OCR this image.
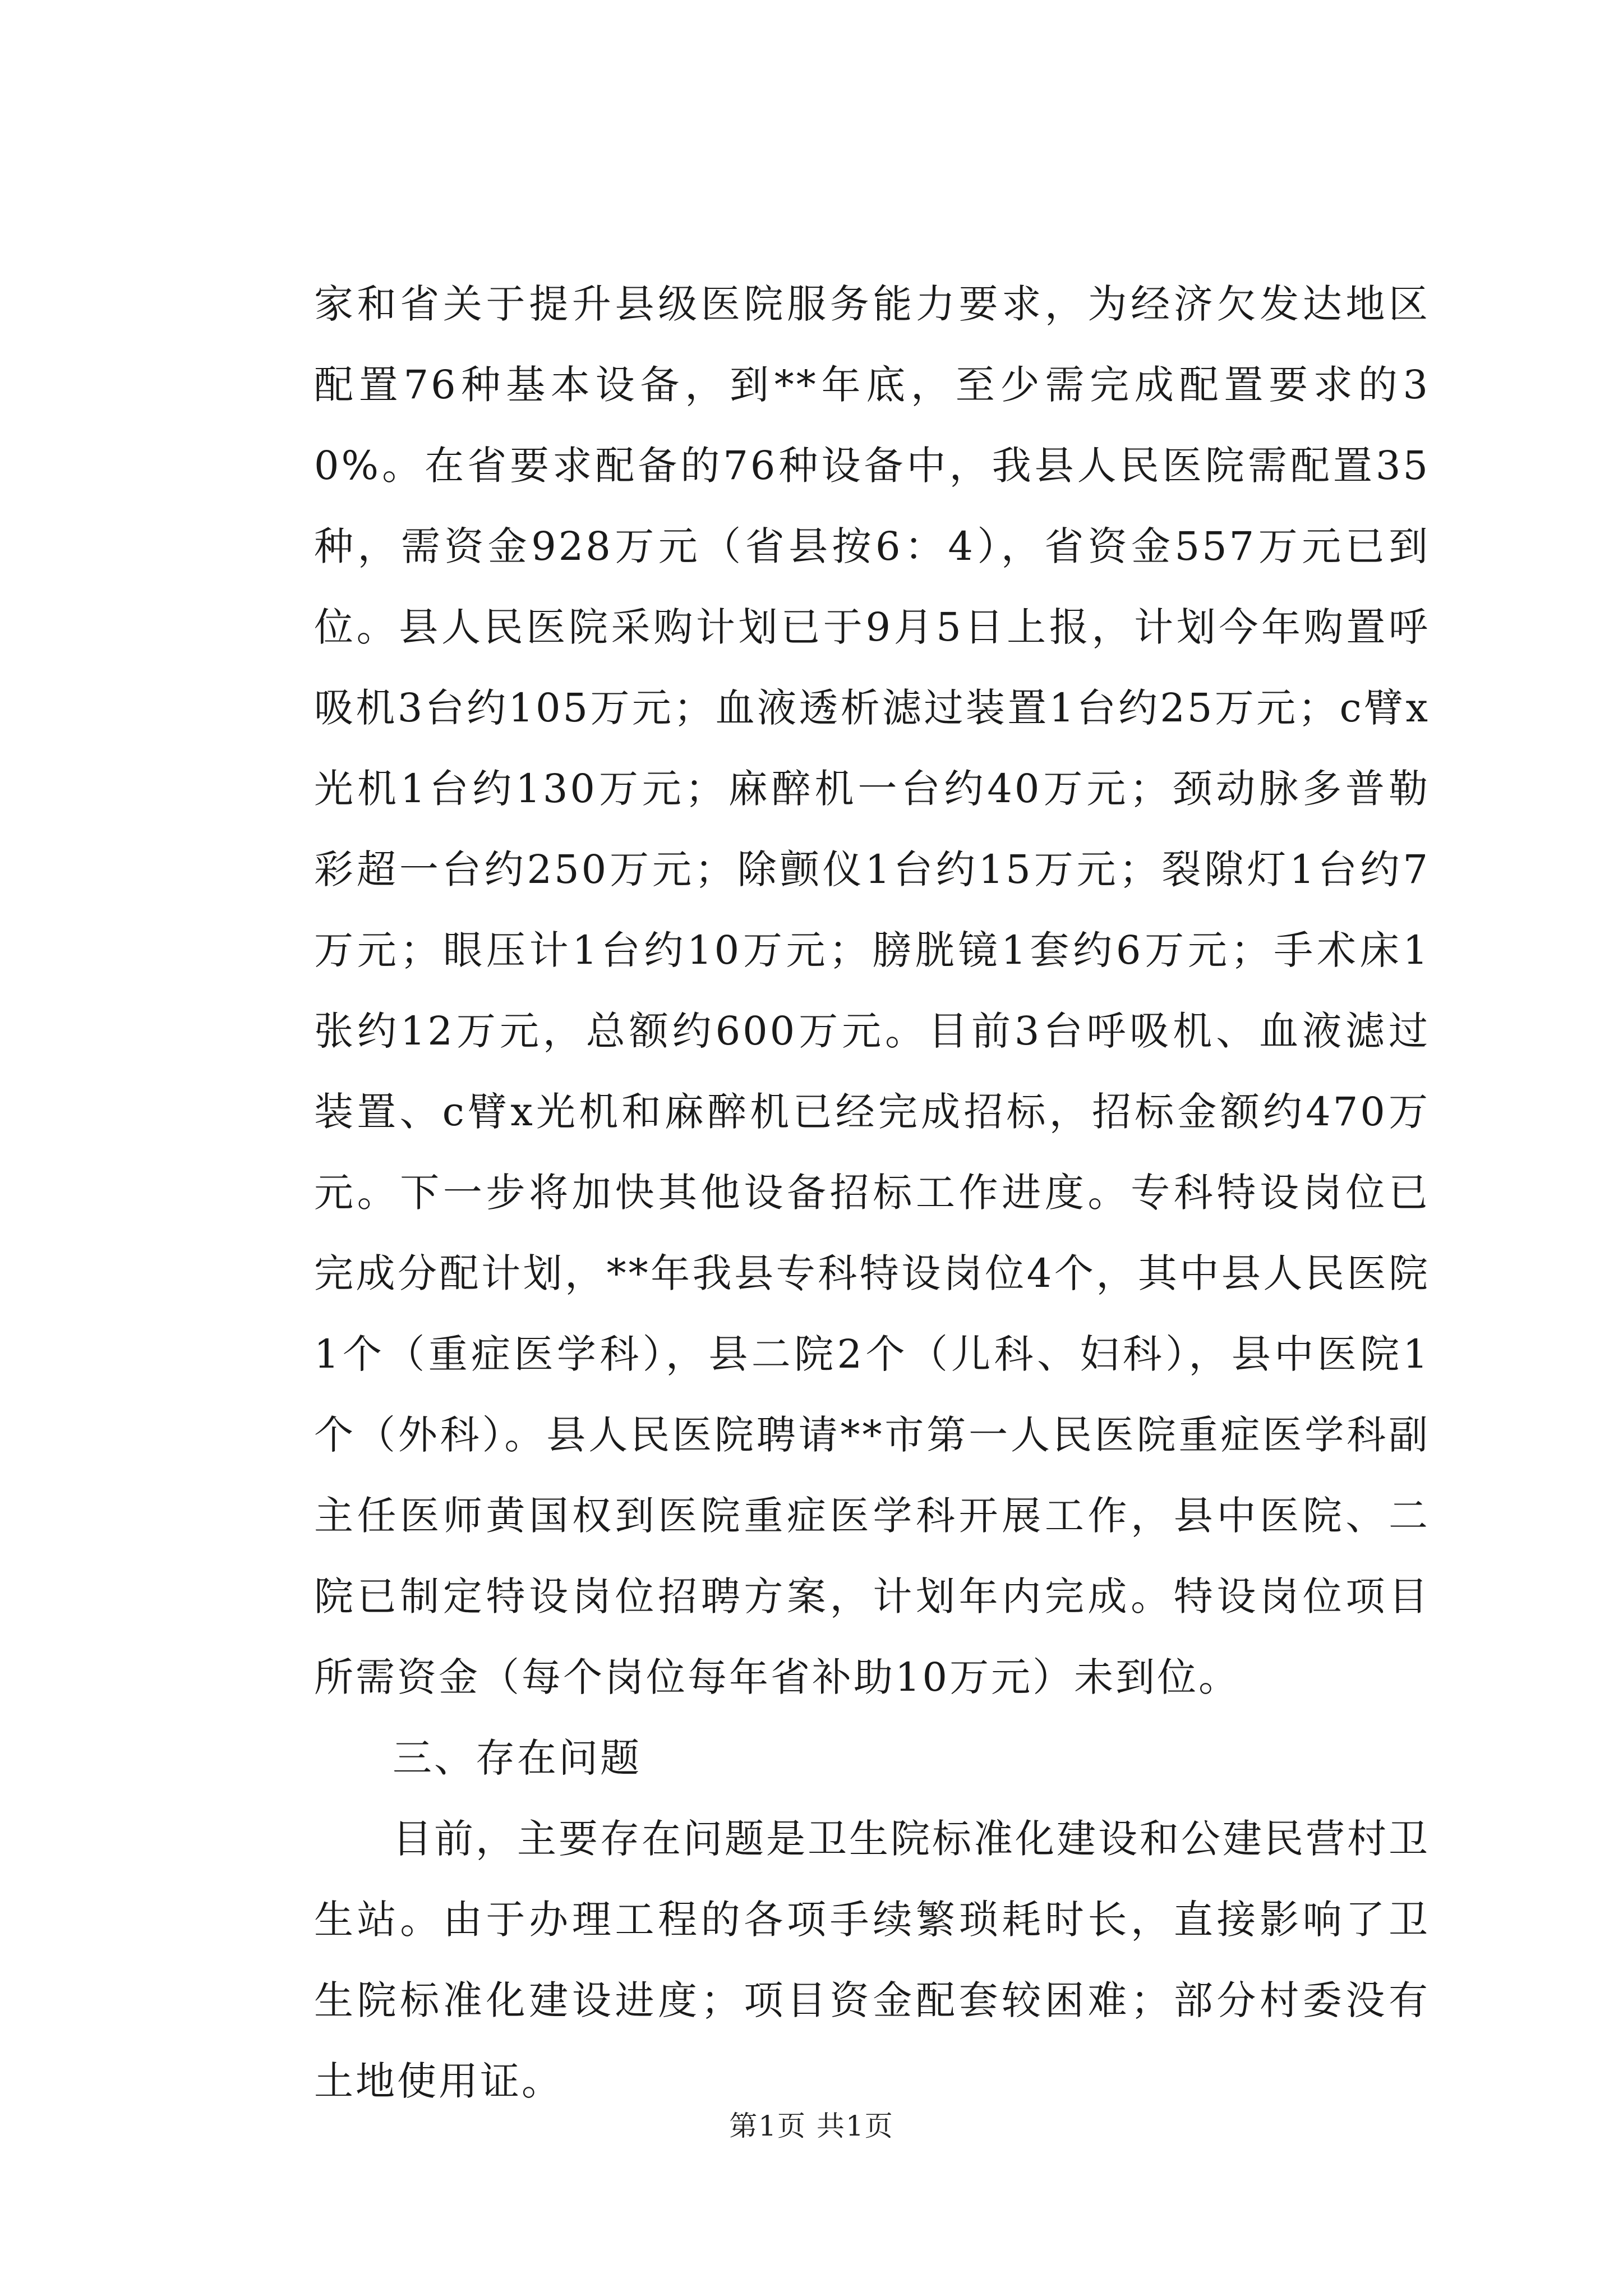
家和省关于提升县级医院服务能力要求，为经济欠发达地区配置76种基本设备，到**年底，至少需完成配置要求的30%。在省要求配备的76种设备中，我县人民医院需配置35种，需资金928万元（省县按6：4），省资金557万元已到位。县人民医院采购计划已于9月5日上报，计划今年购置呼吸机3台约105万元；血液透析滤过装置1台约25万元；c臂x光机1台约130万元；麻醉机一台约40万元；颈动脉多普勒彩超一台约250万元；除颤仪1台约15万元；裂隙灯1台约7万元；眼压计1台约10万元；膀胱镜1套约6万元；手术床1张约12万元，总额约600万元。目前3台呼吸机、血液滤过装置、c臂x光机和麻醉机已经完成招标，招标金额约470万元。下一步将加快其他设备招标工作进度。专科特设岗位已完成分配计划，**年我县专科特设岗位4个，其中县人民医院1个（重症医学科），县二院2个（儿科、妇科），县中医院1个（外科）。县人民医院聘请**市第一人民医院重症医学科副主任医师黄国权到医院重症医学科开展工作，县中医院、二院已制定特设岗位招聘方案，计划年内完成。特设岗位项目所需资金（每个岗位每年省补助10万元）未到位。

三、存在问题

目前，主要存在问题是卫生院标准化建设和公建民营村卫生站。由于办理工程的各项手续繁琐耗时长，直接影响了卫生院标准化建设进度；项目资金配套较困难；部分村委没有土地使用证。

第1页 共1页
